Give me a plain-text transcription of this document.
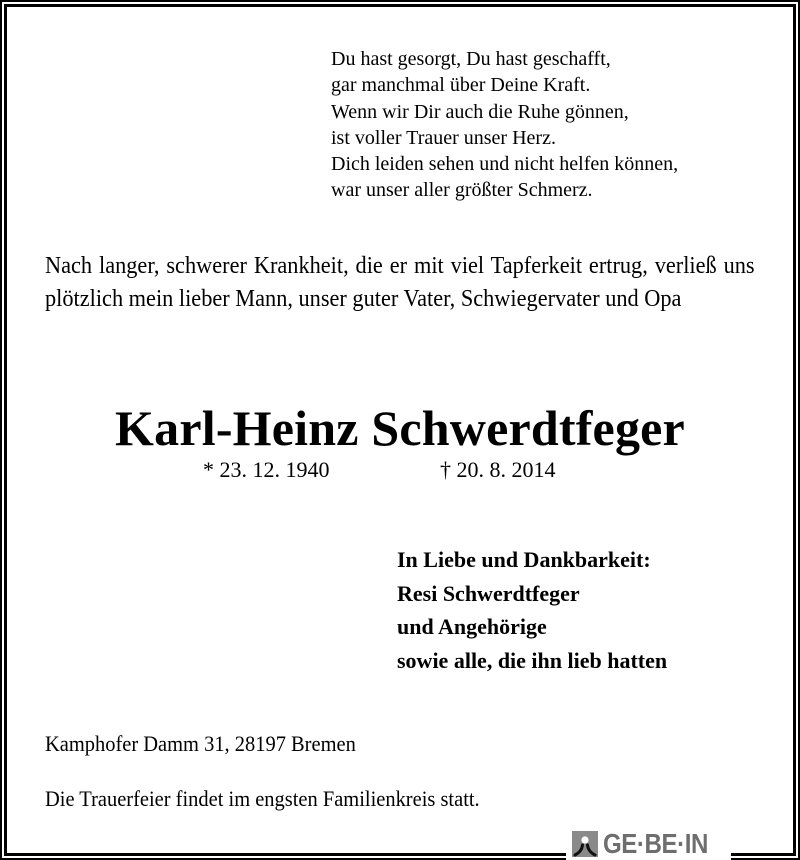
Du hast gesorgt, Du hast geschafft,
gar manchmal über Deine Kraft.
Wenn wir Dir auch die Ruhe gönnen,
ist voller Trauer unser Herz.
Dich leiden sehen und nicht helfen können,
war unser aller größter Schmerz.
Nach langer, schwerer Krankheit, die er mit viel Tapferkeit ertrug, verließ uns plötzlich mein lieber Mann, unser guter Vater, Schwiegervater und Opa
Karl-Heinz Schwerdtfeger
* 23. 12. 1940	† 20. 8. 2014
In Liebe und Dankbarkeit:
Resi Schwerdtfeger
und Angehörige
sowie alle, die ihn lieb hatten
Kamphofer Damm 31, 28197 Bremen
Die Trauerfeier findet im engsten Familienkreis statt.
GE·BE·IN
